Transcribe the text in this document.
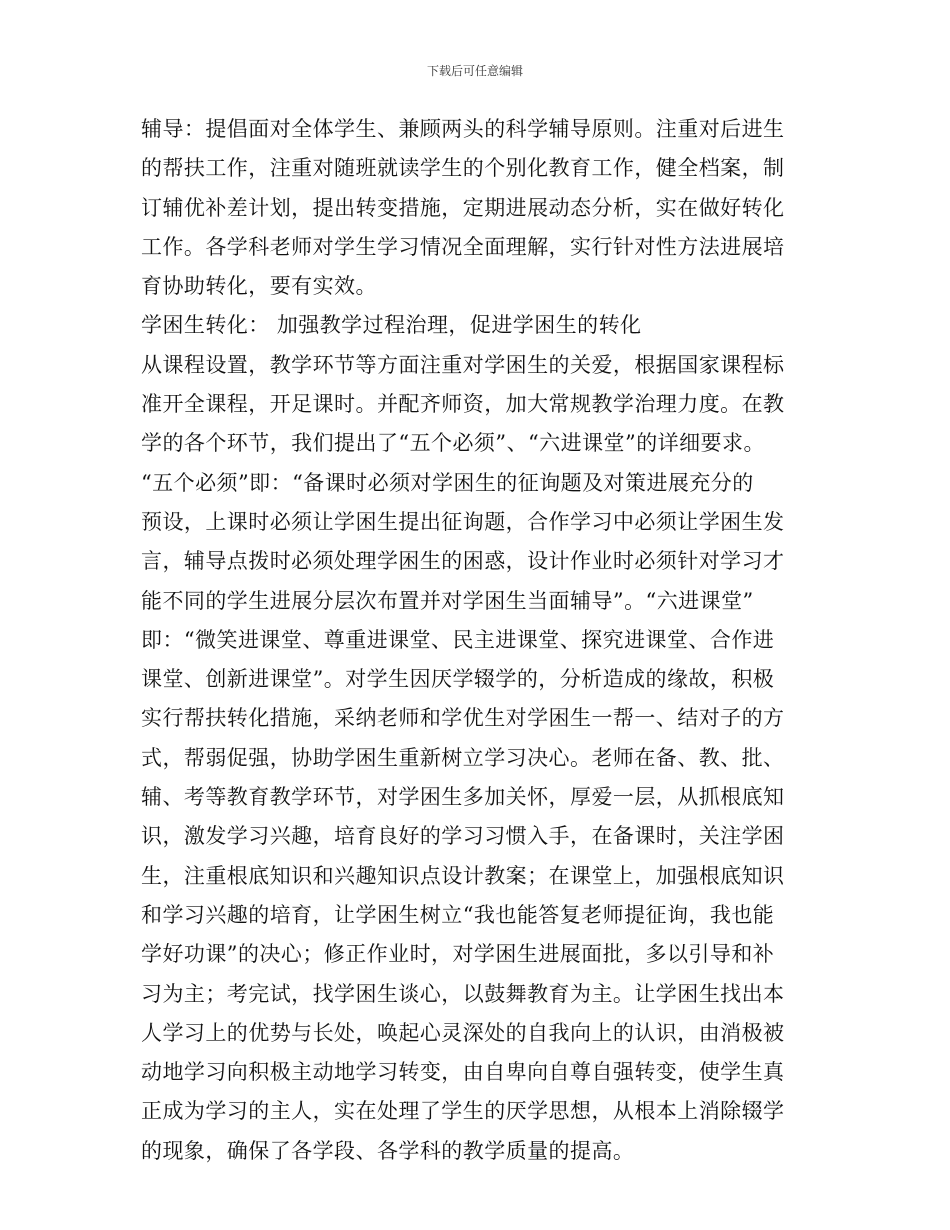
下载后可任意编辑
辅导：提倡面对全体学生、兼顾两头的科学辅导原则。注重对后进生
的帮扶工作，注重对随班就读学生的个别化教育工作，健全档案，制
订辅优补差计划，提出转变措施，定期进展动态分析，实在做好转化
工作。各学科老师对学生学习情况全面理解，实行针对性方法进展培
育协助转化，要有实效。
学困生转化： 加强教学过程治理，促进学困生的转化
从课程设置，教学环节等方面注重对学困生的关爱，根据国家课程标
准开全课程，开足课时。并配齐师资，加大常规教学治理力度。在教
学的各个环节，我们提出了“五个必须”、“六进课堂”的详细要求。
“五个必须”即：“备课时必须对学困生的征询题及对策进展充分的
预设，上课时必须让学困生提出征询题，合作学习中必须让学困生发
言，辅导点拨时必须处理学困生的困惑，设计作业时必须针对学习才
能不同的学生进展分层次布置并对学困生当面辅导”。“六进课堂”
即：“微笑进课堂、尊重进课堂、民主进课堂、探究进课堂、合作进
课堂、创新进课堂”。对学生因厌学辍学的，分析造成的缘故，积极
实行帮扶转化措施，采纳老师和学优生对学困生一帮一、结对子的方
式，帮弱促强，协助学困生重新树立学习决心。老师在备、教、批、
辅、考等教育教学环节，对学困生多加关怀，厚爱一层，从抓根底知
识，激发学习兴趣，培育良好的学习习惯入手，在备课时，关注学困
生，注重根底知识和兴趣知识点设计教案；在课堂上，加强根底知识
和学习兴趣的培育，让学困生树立“我也能答复老师提征询，我也能
学好功课”的决心；修正作业时，对学困生进展面批，多以引导和补
习为主；考完试，找学困生谈心，以鼓舞教育为主。让学困生找出本
人学习上的优势与长处，唤起心灵深处的自我向上的认识，由消极被
动地学习向积极主动地学习转变，由自卑向自尊自强转变，使学生真
正成为学习的主人，实在处理了学生的厌学思想，从根本上消除辍学
的现象，确保了各学段、各学科的教学质量的提高。
